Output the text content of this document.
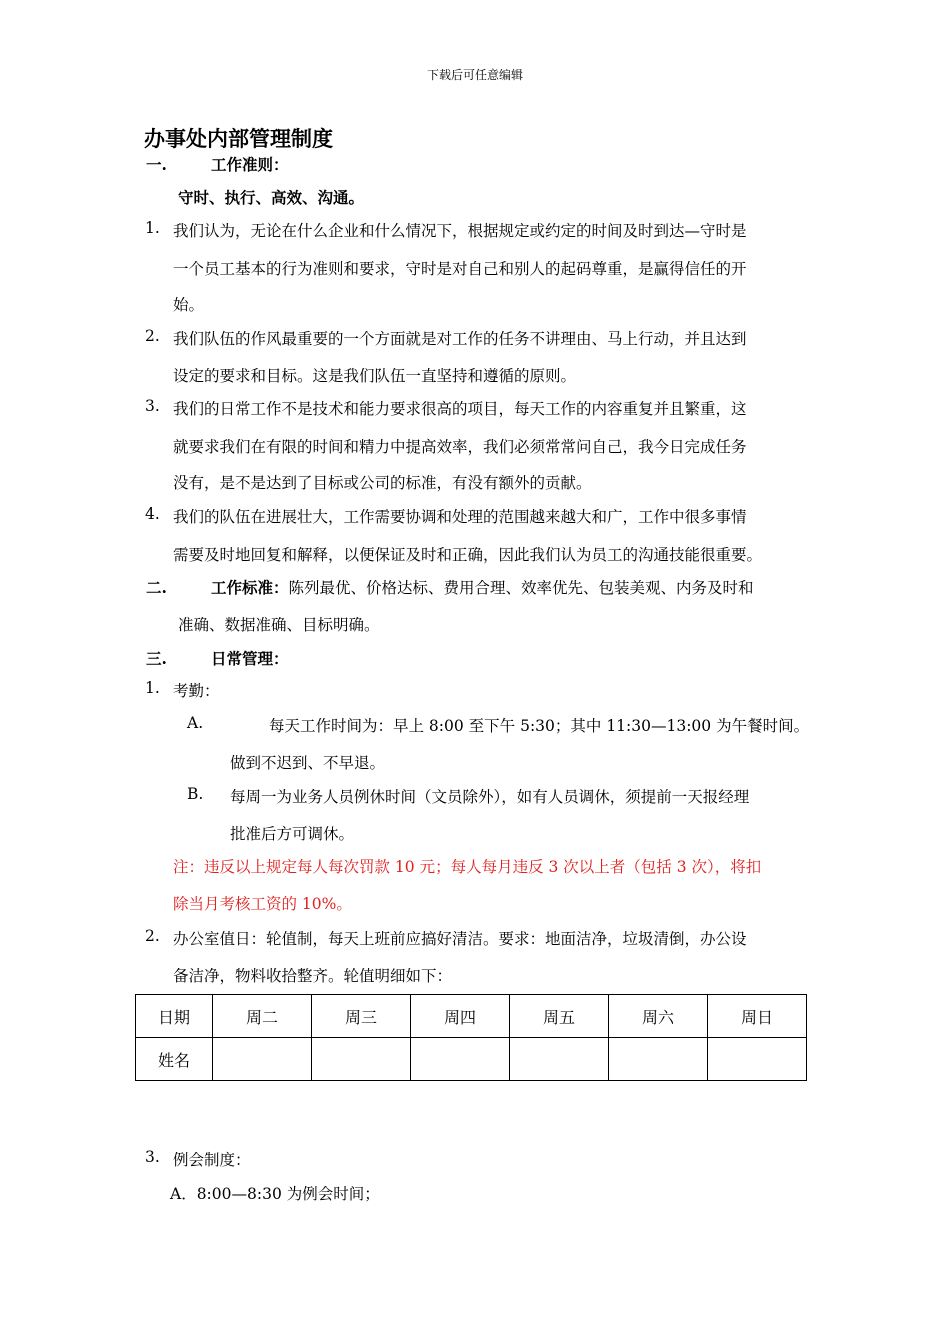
下载后可任意编辑
办事处内部管理制度
一.	工作准则：
守时、执行、高效、沟通。
1. 我们认为，无论在什么企业和什么情况下，根据规定或约定的时间及时到达—守时是
一个员工基本的行为准则和要求，守时是对自己和别人的起码尊重，是赢得信任的开
始。
2. 我们队伍的作风最重要的一个方面就是对工作的任务不讲理由、马上行动，并且达到
设定的要求和目标。这是我们队伍一直坚持和遵循的原则。
3. 我们的日常工作不是技术和能力要求很高的项目，每天工作的内容重复并且繁重，这
就要求我们在有限的时间和精力中提高效率，我们必须常常问自己，我今日完成任务
没有，是不是达到了目标或公司的标准，有没有额外的贡献。
4. 我们的队伍在进展壮大，工作需要协调和处理的范围越来越大和广，工作中很多事情
需要及时地回复和解释，以便保证及时和正确，因此我们认为员工的沟通技能很重要。
二.	工作标准：陈列最优、价格达标、费用合理、效率优先、包装美观、内务及时和
准确、数据准确、目标明确。
三.	日常管理：
1. 考勤：
A.	每天工作时间为：早上 8:00 至下午 5:30；其中 11:30—13:00 为午餐时间。
做到不迟到、不早退。
B. 每周一为业务人员例休时间（文员除外），如有人员调休，须提前一天报经理
批准后方可调休。
注：违反以上规定每人每次罚款 10 元；每人每月违反 3 次以上者（包括 3 次），将扣
除当月考核工资的 10%。
2. 办公室值日：轮值制，每天上班前应搞好清洁。要求：地面洁净，垃圾清倒，办公设
备洁净，物料收拾整齐。轮值明细如下：
日期	周二	周三	周四	周五	周六	周日
姓名						
3. 例会制度：
A．8:00—8:30 为例会时间；
